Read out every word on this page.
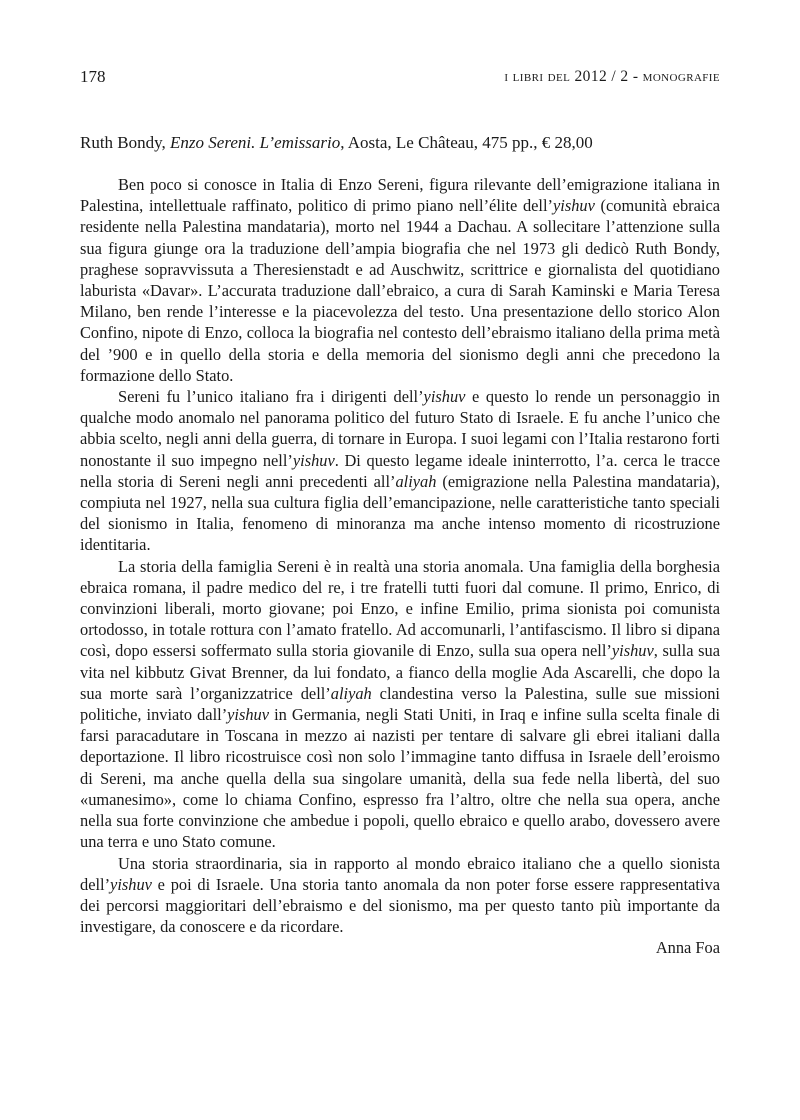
178	i libri del 2012 / 2 - monografie
Ruth Bondy, Enzo Sereni. L’emissario, Aosta, Le Château, 475 pp., € 28,00

Ben poco si conosce in Italia di Enzo Sereni, figura rilevante dell’emigrazione italiana in Palestina, intellettuale raffinato, politico di primo piano nell’élite dell’yishuv (comunità ebraica residente nella Palestina mandataria), morto nel 1944 a Dachau. A sollecitare l’attenzione sulla sua figura giunge ora la traduzione dell’ampia biografia che nel 1973 gli dedicò Ruth Bondy, praghese sopravvissuta a Theresienstadt e ad Auschwitz, scrittrice e giornalista del quotidiano laburista «Davar». L’accurata traduzione dall’ebraico, a cura di Sarah Kaminski e Maria Teresa Milano, ben rende l’interesse e la piacevolezza del testo. Una presentazione dello storico Alon Confino, nipote di Enzo, colloca la biografia nel contesto dell’ebraismo italiano della prima metà del ’900 e in quello della storia e della memoria del sionismo degli anni che precedono la formazione dello Stato.

Sereni fu l’unico italiano fra i dirigenti dell’yishuv e questo lo rende un personaggio in qualche modo anomalo nel panorama politico del futuro Stato di Israele. E fu anche l’unico che abbia scelto, negli anni della guerra, di tornare in Europa. I suoi legami con l’Italia restarono forti nonostante il suo impegno nell’yishuv. Di questo legame ideale ininterrotto, l’a. cerca le tracce nella storia di Sereni negli anni precedenti all’aliyah (emigrazione nella Palestina mandataria), compiuta nel 1927, nella sua cultura figlia dell’emancipazione, nelle caratteristiche tanto speciali del sionismo in Italia, fenomeno di minoranza ma anche intenso momento di ricostruzione identitaria.

La storia della famiglia Sereni è in realtà una storia anomala. Una famiglia della borghesia ebraica romana, il padre medico del re, i tre fratelli tutti fuori dal comune. Il primo, Enrico, di convinzioni liberali, morto giovane; poi Enzo, e infine Emilio, prima sionista poi comunista ortodosso, in totale rottura con l’amato fratello. Ad accomunarli, l’antifascismo. Il libro si dipana così, dopo essersi soffermato sulla storia giovanile di Enzo, sulla sua opera nell’yishuv, sulla sua vita nel kibbutz Givat Brenner, da lui fondato, a fianco della moglie Ada Ascarelli, che dopo la sua morte sarà l’organizzatrice dell’aliyah clandestina verso la Palestina, sulle sue missioni politiche, inviato dall’yishuv in Germania, negli Stati Uniti, in Iraq e infine sulla scelta finale di farsi paracadutare in Toscana in mezzo ai nazisti per tentare di salvare gli ebrei italiani dalla deportazione. Il libro ricostruisce così non solo l’immagine tanto diffusa in Israele dell’eroismo di Sereni, ma anche quella della sua singolare umanità, della sua fede nella libertà, del suo «umanesimo», come lo chiama Confino, espresso fra l’altro, oltre che nella sua opera, anche nella sua forte convinzione che ambedue i popoli, quello ebraico e quello arabo, dovessero avere una terra e uno Stato comune.

Una storia straordinaria, sia in rapporto al mondo ebraico italiano che a quello sionista dell’yishuv e poi di Israele. Una storia tanto anomala da non poter forse essere rappresentativa dei percorsi maggioritari dell’ebraismo e del sionismo, ma per questo tanto più importante da investigare, da conoscere e da ricordare.

Anna Foa
